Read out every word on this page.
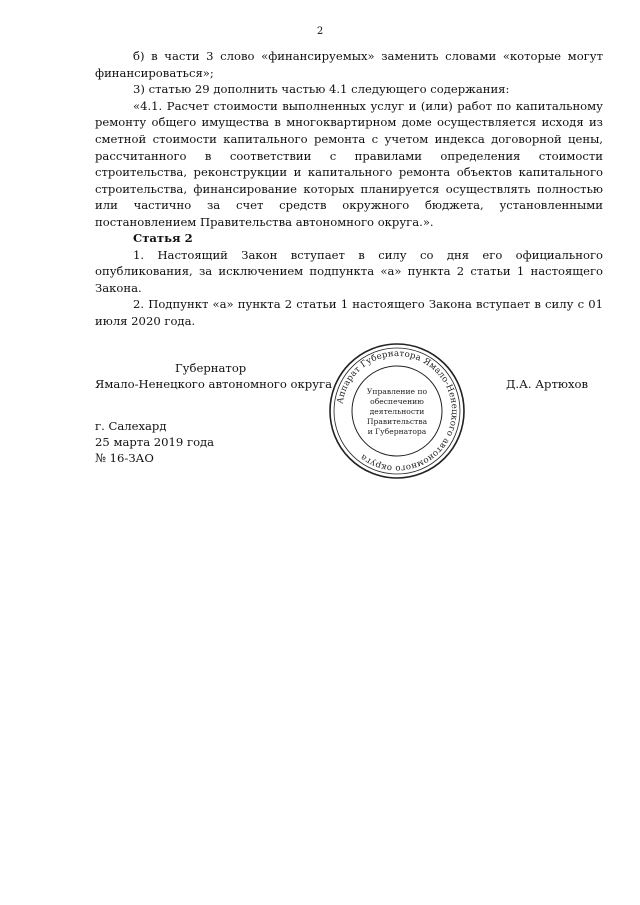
2

б) в части 3 слово «финансируемых» заменить словами «которые могут финансироваться»;

3) статью 29 дополнить частью 4.1 следующего содержания:

«4.1. Расчет стоимости выполненных услуг и (или) работ по капитальному ремонту общего имущества в многоквартирном доме осуществляется исходя из сметной стоимости капитального ремонта с учетом индекса договорной цены, рассчитанного в соответствии с правилами определения стоимости строительства, реконструкции и капитального ремонта объектов капитального строительства, финансирование которых планируется осуществлять полностью или частично за счет средств окружного бюджета, установленными постановлением Правительства автономного округа.».

Статья 2

1. Настоящий Закон вступает в силу со дня его официального опубликования, за исключением подпункта «а» пункта 2 статьи 1 настоящего Закона.

2. Подпункт «а» пункта 2 статьи 1 настоящего Закона вступает в силу с 01 июля 2020 года.

Губернатор
Ямало-Ненецкого автономного округа
Аппарат Губернатора Ямало-Ненецкого автономного округа
Управление по
обеспечению
деятельности
Правительства
и Губернатора
Д.А. Артюхов
г. Салехард
25 марта 2019 года
№ 16-ЗАО
